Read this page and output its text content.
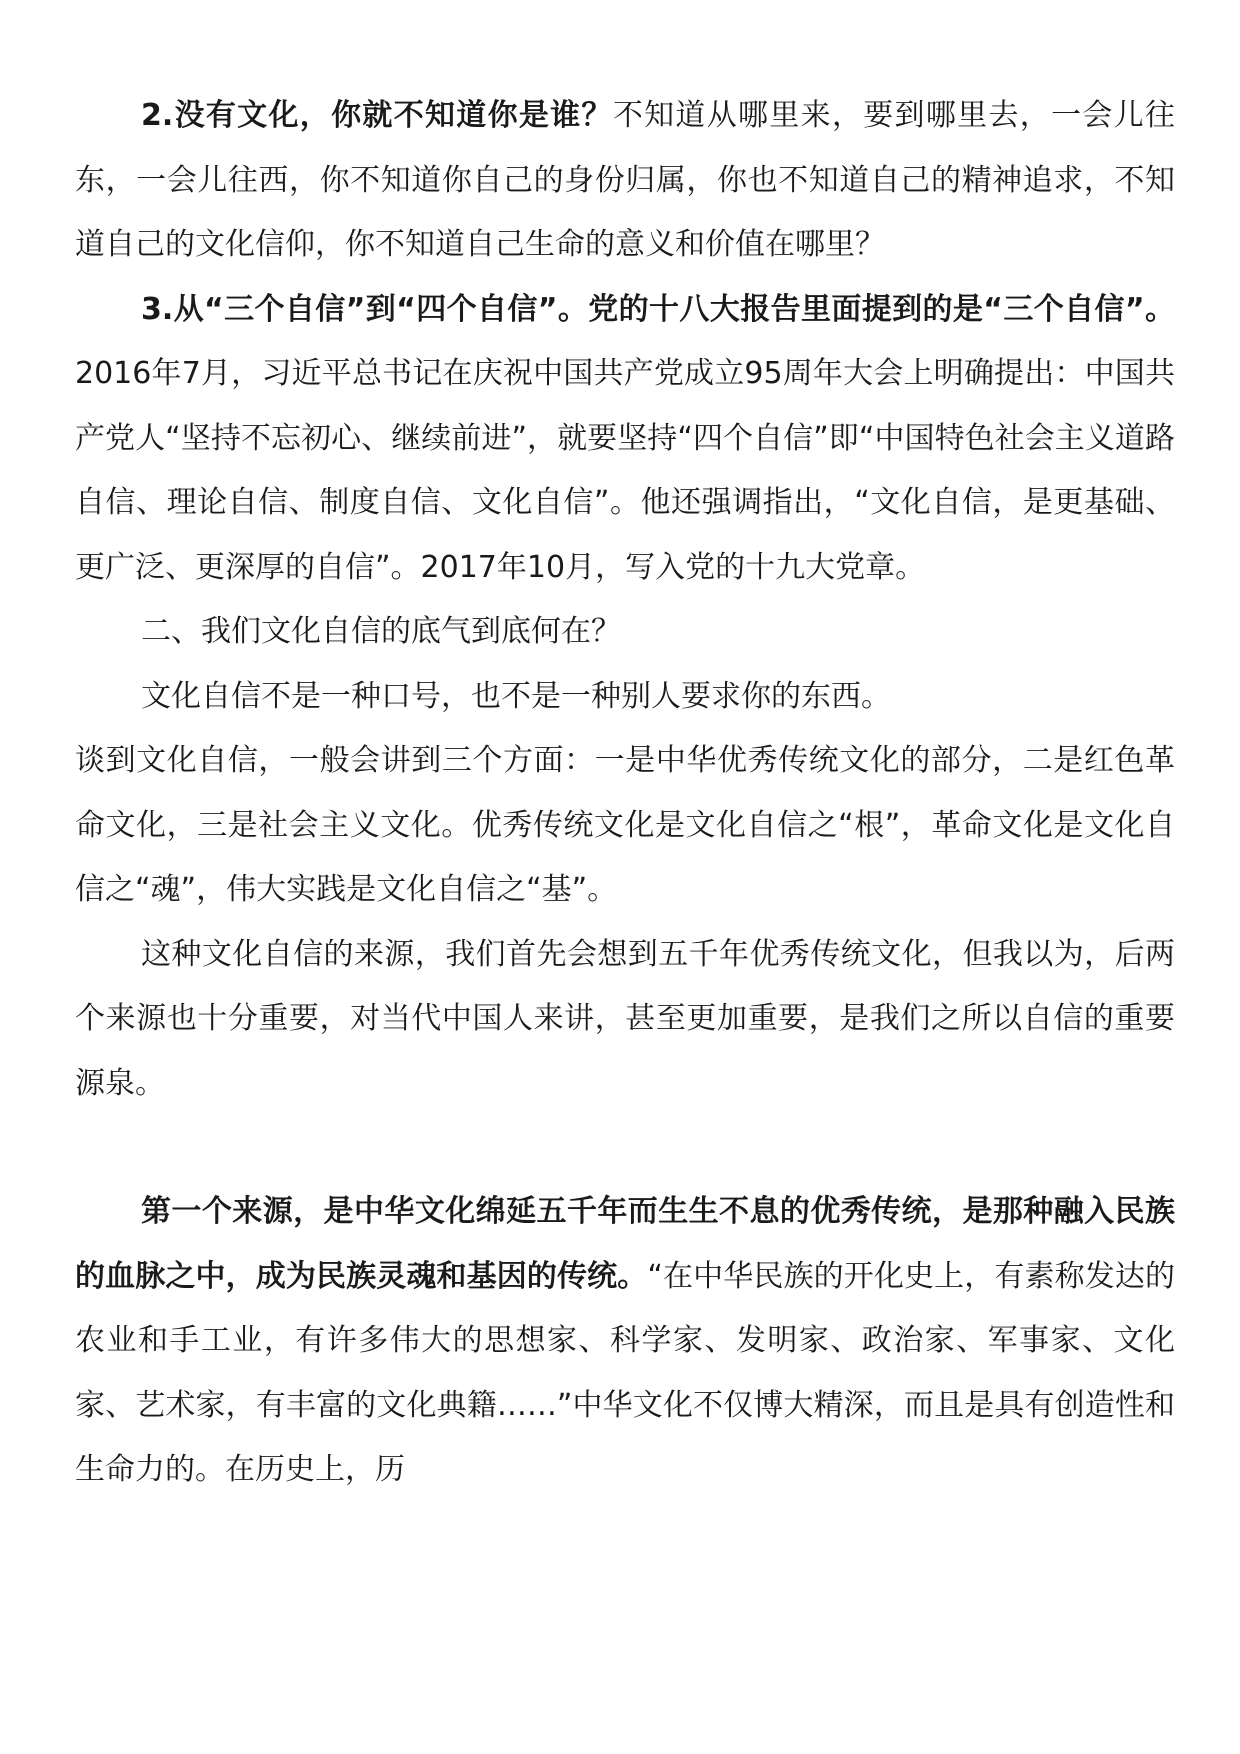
2.没有文化，你就不知道你是谁？不知道从哪里来，要到哪里去，一会儿往东，一会儿往西，你不知道你自己的身份归属，你也不知道自己的精神追求，不知道自己的文化信仰，你不知道自己生命的意义和价值在哪里？

3.从“三个自信”到“四个自信”。党的十八大报告里面提到的是“三个自信”。2016年7月，习近平总书记在庆祝中国共产党成立95周年大会上明确提出：中国共产党人“坚持不忘初心、继续前进”，就要坚持“四个自信”即“中国特色社会主义道路自信、理论自信、制度自信、文化自信”。他还强调指出，“文化自信，是更基础、更广泛、更深厚的自信”。2017年10月，写入党的十九大党章。

二、我们文化自信的底气到底何在？

文化自信不是一种口号，也不是一种别人要求你的东西。

谈到文化自信，一般会讲到三个方面：一是中华优秀传统文化的部分，二是红色革命文化，三是社会主义文化。优秀传统文化是文化自信之“根”，革命文化是文化自信之“魂”，伟大实践是文化自信之“基”。

这种文化自信的来源，我们首先会想到五千年优秀传统文化，但我以为，后两个来源也十分重要，对当代中国人来讲，甚至更加重要，是我们之所以自信的重要源泉。

第一个来源，是中华文化绵延五千年而生生不息的优秀传统，是那种融入民族的血脉之中，成为民族灵魂和基因的传统。“在中华民族的开化史上，有素称发达的农业和手工业，有许多伟大的思想家、科学家、发明家、政治家、军事家、文化家、艺术家，有丰富的文化典籍……”中华文化不仅博大精深，而且是具有创造性和生命力的。在历史上，历
